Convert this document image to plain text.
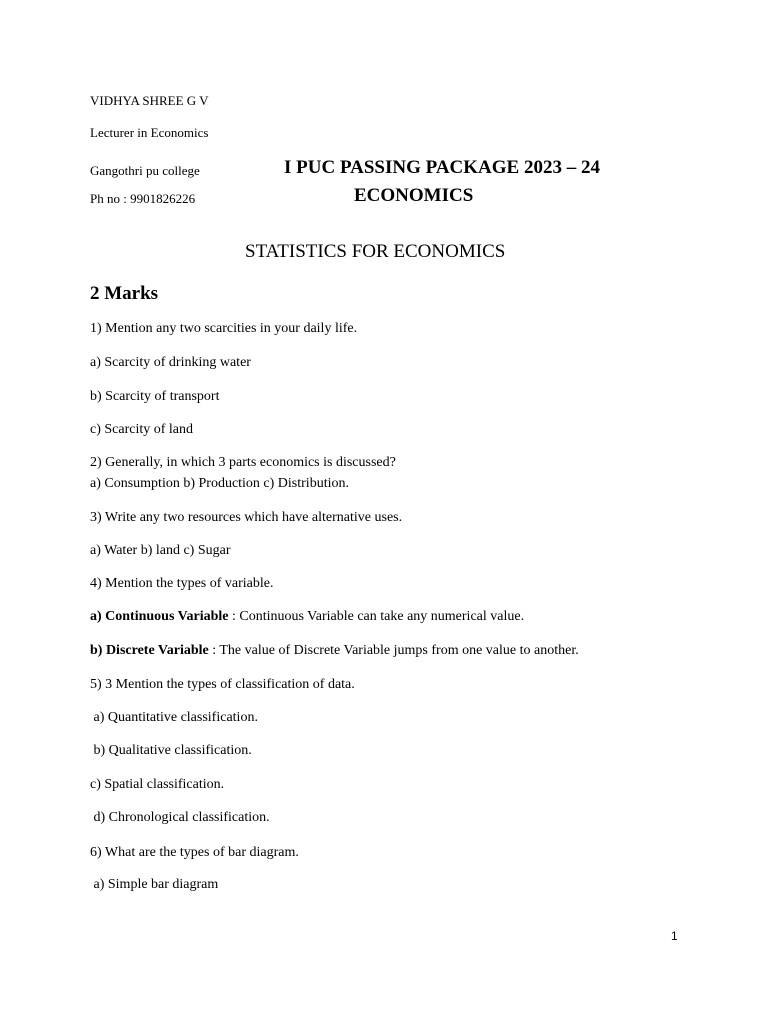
VIDHYA SHREE G V
Lecturer in Economics
Gangothri pu college
Ph no : 9901826226
I PUC PASSING PACKAGE 2023 – 24
ECONOMICS
STATISTICS FOR ECONOMICS
2 Marks
1) Mention any two scarcities in your daily life.
a) Scarcity of drinking water
b) Scarcity of transport
c) Scarcity of land
2) Generally, in which 3 parts economics is discussed?
a) Consumption b) Production c) Distribution.
3) Write any two resources which have alternative uses.
a) Water b) land c) Sugar
4) Mention the types of variable.
a) Continuous Variable : Continuous Variable can take any numerical value.
b) Discrete Variable : The value of Discrete Variable jumps from one value to another.
5) 3 Mention the types of classification of data.
a) Quantitative classification.
b) Qualitative classification.
c) Spatial classification.
d) Chronological classification.
6) What are the types of bar diagram.
a) Simple bar diagram
1
